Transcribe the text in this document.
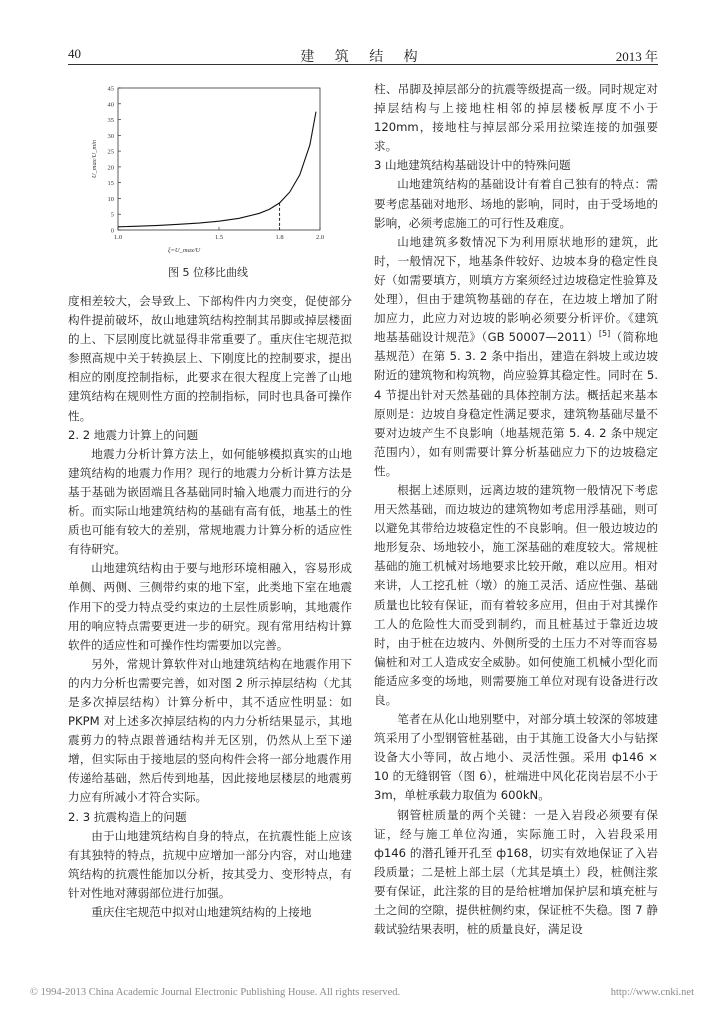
40	建 筑 结 构	2013 年
0
5
10
15
20
25
30
35
40
45
1.0	1.5	1.8	2.0
U_max/U_min
ξ=U_max/U
图 5 位移比曲线

度相差较大，会导致上、下部构件内力突变，促使部分构件提前破坏，故山地建筑结构控制其吊脚或掉层楼面的上、下层刚度比就显得非常重要了。重庆住宅规范拟参照高规中关于转换层上、下刚度比的控制要求，提出相应的刚度控制指标，此要求在很大程度上完善了山地建筑结构在规则性方面的控制指标，同时也具备可操作性。

2. 2 地震力计算上的问题

地震力分析计算方法上，如何能够模拟真实的山地建筑结构的地震力作用？现行的地震力分析计算方法是基于基础为嵌固端且各基础同时输入地震力而进行的分析。而实际山地建筑结构的基础有高有低，地基土的性质也可能有较大的差别，常规地震力计算分析的适应性有待研究。

山地建筑结构由于要与地形环境相融入，容易形成单侧、两侧、三侧带约束的地下室，此类地下室在地震作用下的受力特点受约束边的土层性质影响，其地震作用的响应特点需要更进一步的研究。现有常用结构计算软件的适应性和可操作性均需要加以完善。

另外，常规计算软件对山地建筑结构在地震作用下的内力分析也需要完善，如对图 2 所示掉层结构（尤其是多次掉层结构）计算分析中，其不适应性明显：如 PKPM 对上述多次掉层结构的内力分析结果显示，其地震剪力的特点跟普通结构并无区别，仍然从上至下递增，但实际由于接地层的竖向构件会将一部分地震作用传递给基础，然后传到地基，因此接地层楼层的地震剪力应有所减小才符合实际。

2. 3 抗震构造上的问题

由于山地建筑结构自身的特点，在抗震性能上应该有其独特的特点，抗规中应增加一部分内容，对山地建筑结构的抗震性能加以分析，按其受力、变形特点，有针对性地对薄弱部位进行加强。

重庆住宅规范中拟对山地建筑结构的上接地

柱、吊脚及掉层部分的抗震等级提高一级。同时规定对掉层结构与上接地柱相邻的掉层楼板厚度不小于 120mm，接地柱与掉层部分采用拉梁连接的加强要求。

3 山地建筑结构基础设计中的特殊问题

山地建筑结构的基础设计有着自己独有的特点：需要考虑基础对地形、场地的影响，同时，由于受场地的影响，必须考虑施工的可行性及难度。

山地建筑多数情况下为利用原状地形的建筑，此时，一般情况下，地基条件较好、边坡本身的稳定性良好（如需要填方，则填方方案须经过边坡稳定性验算及处理），但由于建筑物基础的存在，在边坡上增加了附加应力，此应力对边坡的影响必须要分析评价。《建筑地基基础设计规范》（GB 50007—2011）[5]（简称地基规范）在第 5. 3. 2 条中指出，建造在斜坡上或边坡附近的建筑物和构筑物，尚应验算其稳定性。同时在 5. 4 节提出针对天然基础的具体控制方法。概括起来基本原则是：边坡自身稳定性满足要求，建筑物基础尽量不要对边坡产生不良影响（地基规范第 5. 4. 2 条中规定范围内），如有则需要计算分析基础应力下的边坡稳定性。

根据上述原则，远离边坡的建筑物一般情况下考虑用天然基础，而边坡边的建筑物如考虑用浮基础，则可以避免其带给边坡稳定性的不良影响。但一般边坡边的地形复杂、场地较小，施工深基础的难度较大。常规桩基础的施工机械对场地要求比较开敞，难以应用。相对来讲，人工挖孔桩（墩）的施工灵活、适应性强、基础质量也比较有保证，而有着较多应用，但由于对其操作工人的危险性大而受到制约，而且桩基过于靠近边坡时，由于桩在边坡内、外侧所受的土压力不对等而容易偏桩和对工人造成安全威胁。如何使施工机械小型化而能适应多变的场地，则需要施工单位对现有设备进行改良。

笔者在从化山地别墅中，对部分填土较深的邻坡建筑采用了小型钢管桩基础，由于其施工设备大小与钻探设备大小等同，故占地小、灵活性强。采用 ф146 × 10 的无缝钢管（图 6），桩端进中风化花岗岩层不小于 3m，单桩承载力取值为 600kN。

钢管桩质量的两个关键：一是入岩段必须要有保证，经与施工单位沟通，实际施工时，入岩段采用 ф146 的潜孔锤开孔至 ф168，切实有效地保证了入岩段质量；二是桩上部土层（尤其是填土）段，桩侧注浆要有保证，此注浆的目的是给桩增加保护层和填充桩与土之间的空隙，提供桩侧约束，保证桩不失稳。图 7 静载试验结果表明，桩的质量良好，满足设

© 1994-2013 China Academic Journal Electronic Publishing House. All rights reserved.	http://www.cnki.net
